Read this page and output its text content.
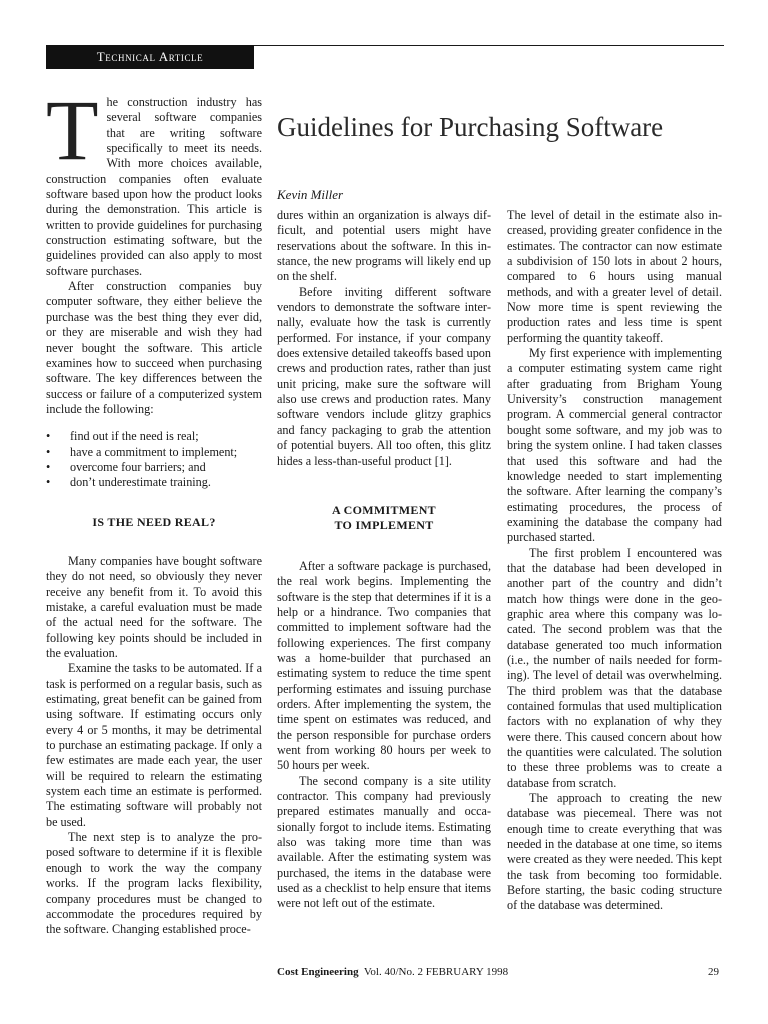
Technical Article

The construction industry has several software companies that are writing software specifically to meet its needs. With more choices available, construction companies often evaluate software based upon how the product looks during the demonstration. This article is written to provide guidelines for purchasing construction estimating software, but the guidelines provided can also apply to most software purchases.

After construction companies buy computer software, they either believe the purchase was the best thing they ever did, or they are miserable and wish they had never bought the software. This article examines how to succeed when purchasing software. The key differences between the success or failure of a computerized system include the following:

• find out if the need is real;
• have a commitment to implement;
• overcome four barriers; and
• don’t underestimate training.
IS THE NEED REAL?

Many companies have bought software they do not need, so obviously they never receive any benefit from it. To avoid this mistake, a careful evaluation must be made of the actual need for the software. The following key points should be included in the evaluation.

Examine the tasks to be automated. If a task is performed on a regular basis, such as estimating, great benefit can be gained from using software. If estimating occurs only every 4 or 5 months, it may be detrimental to purchase an estimating package. If only a few estimates are made each year, the user will be required to relearn the estimating system each time an estimate is performed. The estimating software will probably not be used.

The next step is to analyze the proposed software to determine if it is flexible enough to work the way the company works. If the program lacks flexibility, company procedures must be changed to accommodate the procedures required by the software. Changing established proce-

Guidelines for Purchasing Software
Kevin Miller

dures within an organization is always difficult, and potential users might have reservations about the software. In this instance, the new programs will likely end up on the shelf.

Before inviting different software vendors to demonstrate the software internally, evaluate how the task is currently performed. For instance, if your company does extensive detailed takeoffs based upon crews and production rates, rather than just unit pricing, make sure the software will also use crews and production rates. Many software vendors include glitzy graphics and fancy packaging to grab the attention of potential buyers. All too often, this glitz hides a less-than-useful product [1].

A COMMITMENT
TO IMPLEMENT

After a software package is purchased, the real work begins. Implementing the software is the step that determines if it is a help or a hindrance. Two companies that committed to implement software had the following experiences. The first company was a home-builder that purchased an estimating system to reduce the time spent performing estimates and issuing purchase orders. After implementing the system, the time spent on estimates was reduced, and the person responsible for purchase orders went from working 80 hours per week to 50 hours per week.

The second company is a site utility contractor. This company had previously prepared estimates manually and occasionally forgot to include items. Estimating also was taking more time than was available. After the estimating system was purchased, the items in the database were used as a checklist to help ensure that items were not left out of the estimate.

The level of detail in the estimate also increased, providing greater confidence in the estimates. The contractor can now estimate a subdivision of 150 lots in about 2 hours, compared to 6 hours using manual methods, and with a greater level of detail. Now more time is spent reviewing the production rates and less time is spent performing the quantity takeoff.

My first experience with implementing a computer estimating system came right after graduating from Brigham Young University’s construction management program. A commercial general contractor bought some software, and my job was to bring the system online. I had taken classes that used this software and had the knowledge needed to start implementing the software. After learning the company’s estimating procedures, the process of examining the database the company had purchased started.

The first problem I encountered was that the database had been developed in another part of the country and didn’t match how things were done in the geographic area where this company was located. The second problem was that the database generated too much information (i.e., the number of nails needed for forming). The level of detail was overwhelming. The third problem was that the database contained formulas that used multiplication factors with no explanation of why they were there. This caused concern about how the quantities were calculated. The solution to these three problems was to create a database from scratch.

The approach to creating the new database was piecemeal. There was not enough time to create everything that was needed in the database at one time, so items were created as they were needed. This kept the task from becoming too formidable. Before starting, the basic coding structure of the database was determined.

Cost Engineering Vol. 40/No. 2 FEBRUARY 1998	29
